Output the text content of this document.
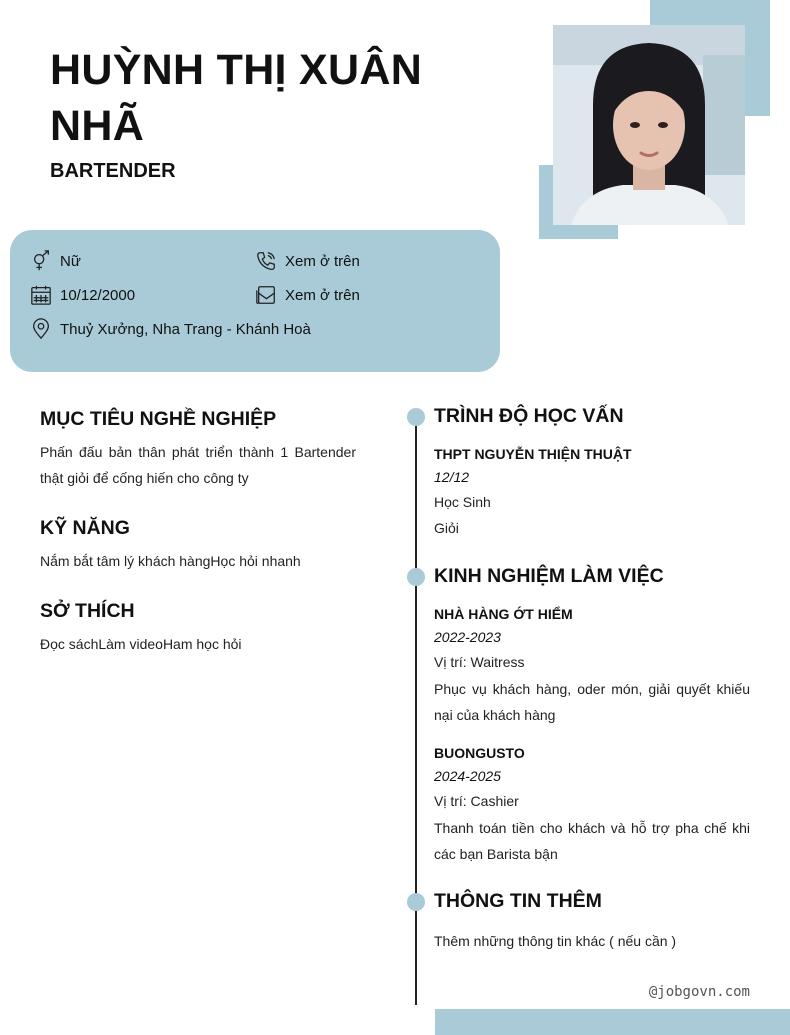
HUỲNH THỊ XUÂN NHÃ
BARTENDER
Nữ
10/12/2000
Thuỷ Xưởng, Nha Trang - Khánh Hoà
Xem ở trên
Xem ở trên
MỤC TIÊU NGHỀ NGHIỆP
Phấn đấu bản thân phát triển thành 1 Bartender thật giỏi để cống hiến cho công ty
KỸ NĂNG
Nắm bắt tâm lý khách hàngHọc hỏi nhanh
SỞ THÍCH
Đọc sáchLàm videoHam học hỏi
TRÌNH ĐỘ HỌC VẤN
THPT NGUYỄN THIỆN THUẬT
12/12
Học Sinh
Giỏi
KINH NGHIỆM LÀM VIỆC
NHÀ HÀNG ỚT HIỂM
2022-2023
Vị trí: Waitress
Phục vụ khách hàng, oder món, giải quyết khiếu nại của khách hàng
BUONGUSTO
2024-2025
Vị trí: Cashier
Thanh toán tiền cho khách và hỗ trợ pha chế khi các bạn Barista bận
THÔNG TIN THÊM
Thêm những thông tin khác ( nếu cần )
@jobgovn.com
